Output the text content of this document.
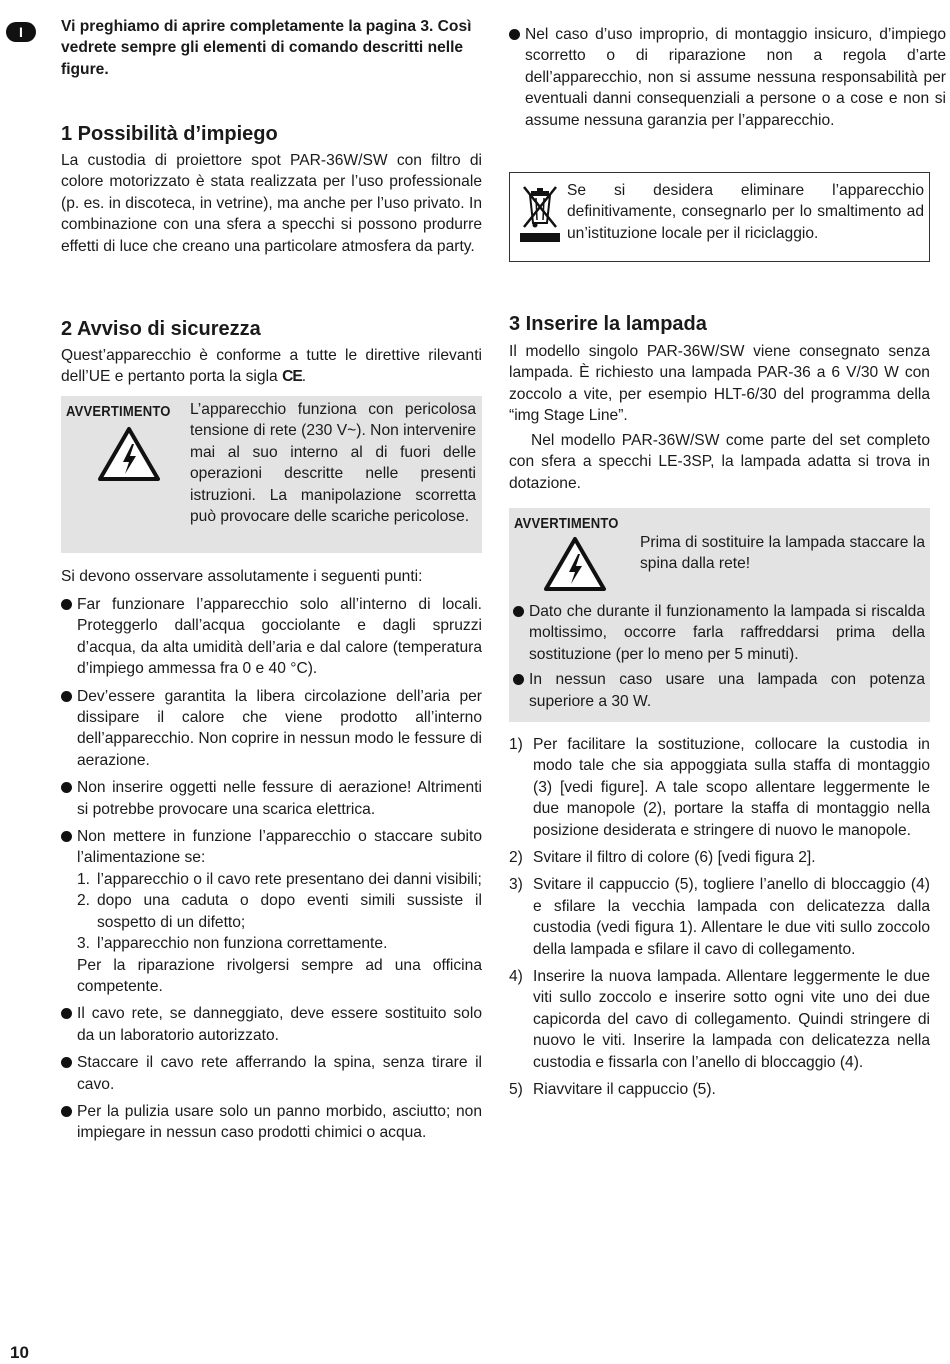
I	Vi preghiamo di aprire completamente la pagina 3. Così vedrete sempre gli elementi di comando descritti nelle figure.

1 Possibilità d’impiego

La custodia di proiettore spot PAR-36W/SW con filtro di colore motorizzato è stata realizzata per l’uso professionale (p. es. in discoteca, in vetrine), ma anche per l’uso privato. In combinazione con una sfera a specchi si possono produrre effetti di luce che creano una particolare atmosfera da party.

2 Avviso di sicurezza

Quest’apparecchio è conforme a tutte le direttive rilevanti dell’UE e pertanto porta la sigla CE.

AVVERTIMENTO L’apparecchio funziona con pericolosa tensione di rete (230 V~). Non intervenire mai al suo interno al di fuori delle operazioni descritte nelle presenti istruzioni. La manipolazione scorretta può provocare delle scariche pericolose.

Si devono osservare assolutamente i seguenti punti:

Far funzionare l’apparecchio solo all’interno di locali. Proteggerlo dall’acqua gocciolante e dagli spruzzi d’acqua, da alta umidità dell’aria e dal calore (temperatura d’impiego ammessa fra 0 e 40 °C).
Dev’essere garantita la libera circolazione dell’aria per dissipare il calore che viene prodotto all’interno dell’apparecchio. Non coprire in nessun modo le fessure di aerazione.
Non inserire oggetti nelle fessure di aerazione! Altrimenti si potrebbe provocare una scarica elettrica.
Non mettere in funzione l’apparecchio o staccare subito l’alimentazione se:
1. l’apparecchio o il cavo rete presentano dei danni visibili;
2. dopo una caduta o dopo eventi simili sussiste il sospetto di un difetto;
3. l’apparecchio non funziona correttamente.
Per la riparazione rivolgersi sempre ad una officina competente.
Il cavo rete, se danneggiato, deve essere sostituito solo da un laboratorio autorizzato.
Staccare il cavo rete afferrando la spina, senza tirare il cavo.
Per la pulizia usare solo un panno morbido, asciutto; non impiegare in nessun caso prodotti chimici o acqua.
Nel caso d’uso improprio, di montaggio insicuro, d’impiego scorretto o di riparazione non a regola d’arte dell’apparecchio, non si assume nessuna responsabilità per eventuali danni consequenziali a persone o a cose e non si assume nessuna garanzia per l’apparecchio.

Se si desidera eliminare l’apparecchio definitivamente, consegnarlo per lo smaltimento ad un’istituzione locale per il riciclaggio.

3 Inserire la lampada

Il modello singolo PAR-36W/SW viene consegnato senza lampada. È richiesto una lampada PAR-36 a 6 V/30 W con zoccolo a vite, per esempio HLT-6/30 del programma della “img Stage Line”.

Nel modello PAR-36W/SW come parte del set completo con sfera a specchi LE-3SP, la lampada adatta si trova in dotazione.

AVVERTIMENTO

Prima di sostituire la lampada staccare la spina dalla rete!

Dato che durante il funzionamento la lampada si riscalda moltissimo, occorre farla raffreddarsi prima della sostituzione (per lo meno per 5 minuti).
In nessun caso usare una lampada con potenza superiore a 30 W.
1) Per facilitare la sostituzione, collocare la custodia in modo tale che sia appoggiata sulla staffa di montaggio (3) [vedi figure]. A tale scopo allentare leggermente le due manopole (2), portare la staffa di montaggio nella posizione desiderata e stringere di nuovo le manopole.
2) Svitare il filtro di colore (6) [vedi figura 2].
3) Svitare il cappuccio (5), togliere l’anello di bloccaggio (4) e sfilare la vecchia lampada con delicatezza dalla custodia (vedi figura 1). Allentare le due viti sullo zoccolo della lampada e sfilare il cavo di collegamento.
4) Inserire la nuova lampada. Allentare leggermente le due viti sullo zoccolo e inserire sotto ogni vite uno dei due capicorda del cavo di collegamento. Quindi stringere di nuovo le viti. Inserire la lampada con delicatezza nella custodia e fissarla con l’anello di bloccaggio (4).
5) Riavvitare il cappuccio (5).
10
